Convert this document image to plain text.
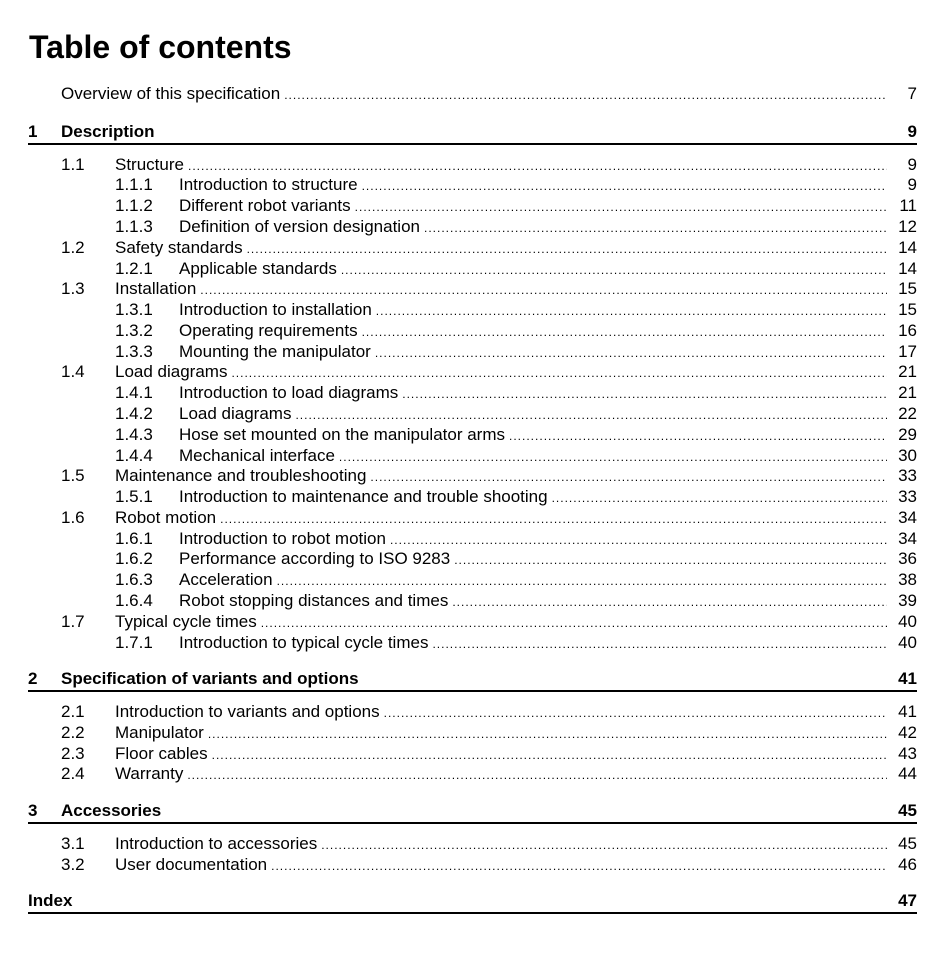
Table of contents
Overview of this specification .....	7
1	Description	9
1.1	Structure .....	9
1.1.1	Introduction to structure .....	9
1.1.2	Different robot variants .....	11
1.1.3	Definition of version designation .....	12
1.2	Safety standards .....	14
1.2.1	Applicable standards .....	14
1.3	Installation .....	15
1.3.1	Introduction to installation .....	15
1.3.2	Operating requirements .....	16
1.3.3	Mounting the manipulator .....	17
1.4	Load diagrams .....	21
1.4.1	Introduction to load diagrams .....	21
1.4.2	Load diagrams .....	22
1.4.3	Hose set mounted on the manipulator arms .....	29
1.4.4	Mechanical interface .....	30
1.5	Maintenance and troubleshooting .....	33
1.5.1	Introduction to maintenance and trouble shooting .....	33
1.6	Robot motion .....	34
1.6.1	Introduction to robot motion .....	34
1.6.2	Performance according to ISO 9283 .....	36
1.6.3	Acceleration .....	38
1.6.4	Robot stopping distances and times .....	39
1.7	Typical cycle times .....	40
1.7.1	Introduction to typical cycle times .....	40
2	Specification of variants and options	41
2.1	Introduction to variants and options .....	41
2.2	Manipulator .....	42
2.3	Floor cables .....	43
2.4	Warranty .....	44
3	Accessories	45
3.1	Introduction to accessories .....	45
3.2	User documentation .....	46
Index	47
